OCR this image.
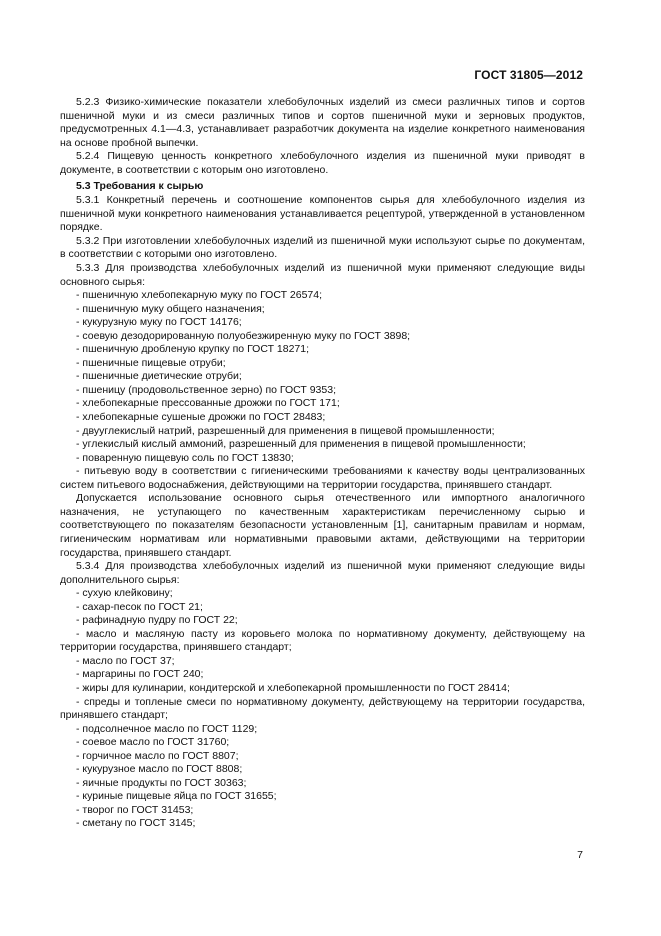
ГОСТ 31805—2012

5.2.3 Физико-химические показатели хлебобулочных изделий из смеси различных типов и сортов пшеничной муки и из смеси различных типов и сортов пшеничной муки и зерновых продуктов, предусмотренных 4.1—4.3, устанавливает разработчик документа на изделие конкретного наименования на основе пробной выпечки.

5.2.4 Пищевую ценность конкретного хлебобулочного изделия из пшеничной муки приводят в документе, в соответствии с которым оно изготовлено.

5.3 Требования к сырью

5.3.1 Конкретный перечень и соотношение компонентов сырья для хлебобулочного изделия из пшеничной муки конкретного наименования устанавливается рецептурой, утвержденной в установленном порядке.

5.3.2 При изготовлении хлебобулочных изделий из пшеничной муки используют сырье по документам, в соответствии с которыми оно изготовлено.

5.3.3 Для производства хлебобулочных изделий из пшеничной муки применяют следующие виды основного сырья:

- пшеничную хлебопекарную муку по ГОСТ 26574;
- пшеничную муку общего назначения;
- кукурузную муку по ГОСТ 14176;
- соевую дезодорированную полуобезжиренную муку по ГОСТ 3898;
- пшеничную дробленую крупку по ГОСТ 18271;
- пшеничные пищевые отруби;
- пшеничные диетические отруби;
- пшеницу (продовольственное зерно) по ГОСТ 9353;
- хлебопекарные прессованные дрожжи по ГОСТ 171;
- хлебопекарные сушеные дрожжи по ГОСТ 28483;
- двууглекислый натрий, разрешенный для применения в пищевой промышленности;
- углекислый кислый аммоний, разрешенный для применения в пищевой промышленности;
- поваренную пищевую соль по ГОСТ 13830;
- питьевую воду в соответствии с гигиеническими требованиями к качеству воды централизованных систем питьевого водоснабжения, действующими на территории государства, принявшего стандарт.

Допускается использование основного сырья отечественного или импортного аналогичного назначения, не уступающего по качественным характеристикам перечисленному сырью и соответствующего по показателям безопасности установленным [1], санитарным правилам и нормам, гигиеническим нормативам или нормативными правовыми актами, действующими на территории государства, принявшего стандарт.

5.3.4 Для производства хлебобулочных изделий из пшеничной муки применяют следующие виды дополнительного сырья:

- сухую клейковину;
- сахар-песок по ГОСТ 21;
- рафинадную пудру по ГОСТ 22;
- масло и масляную пасту из коровьего молока по нормативному документу, действующему на территории государства, принявшего стандарт;
- масло по ГОСТ 37;
- маргарины по ГОСТ 240;
- жиры для кулинарии, кондитерской и хлебопекарной промышленности по ГОСТ 28414;
- спреды и топленые смеси по нормативному документу, действующему на территории государства, принявшего стандарт;
- подсолнечное масло по ГОСТ 1129;
- соевое масло по ГОСТ 31760;
- горчичное масло по ГОСТ 8807;
- кукурузное масло по ГОСТ 8808;
- яичные продукты по ГОСТ 30363;
- куриные пищевые яйца по ГОСТ 31655;
- творог по ГОСТ 31453;
- сметану по ГОСТ 3145;
7
